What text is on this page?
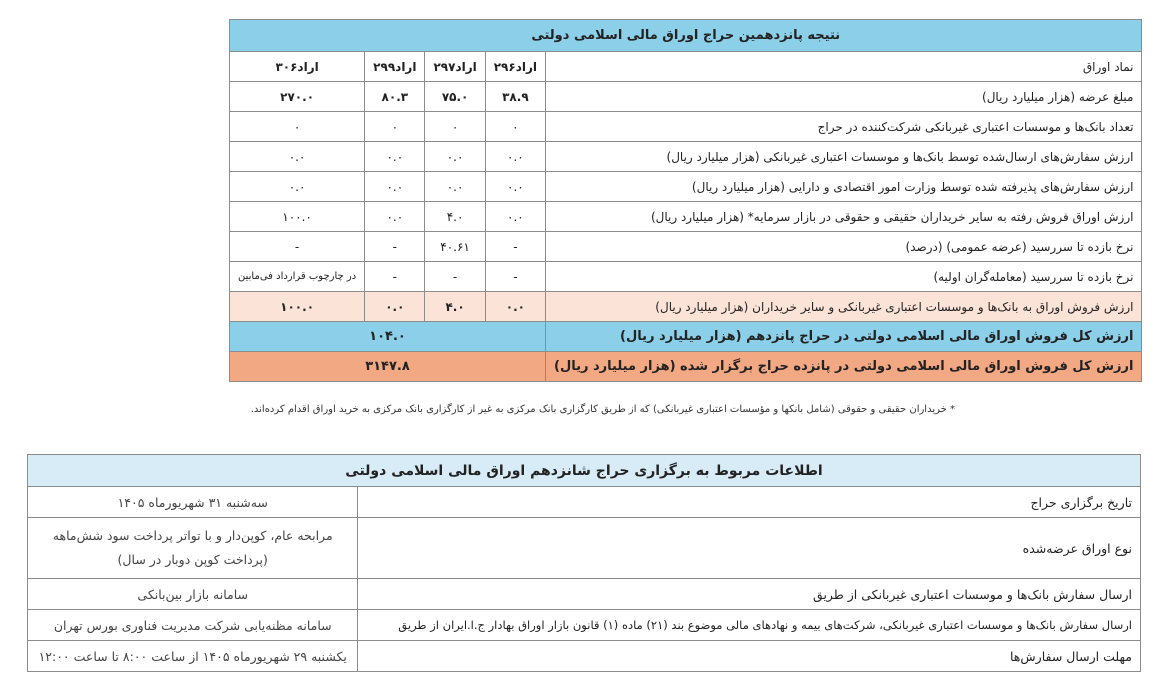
نتیجه پانزدهمین حراج اوراق مالی اسلامی دولتی				
نماد اوراق	اراد۲۹۶	اراد۲۹۷	اراد۲۹۹	اراد۳۰۶
مبلغ عرضه (هزار میلیارد ریال)	۳۸.۹	۷۵.۰	۸۰.۳	۲۷۰.۰
تعداد بانک‌ها و موسسات اعتباری غیربانکی شرکت‌کننده در حراج	۰	۰	۰	۰
ارزش سفارش‌های ارسال‌شده توسط بانک‌ها و موسسات اعتباری غیربانکی (هزار میلیارد ریال)	۰.۰	۰.۰	۰.۰	۰.۰
ارزش سفارش‌های پذیرفته شده توسط وزارت امور اقتصادی و دارایی (هزار میلیارد ریال)	۰.۰	۰.۰	۰.۰	۰.۰
ارزش اوراق فروش رفته به سایر خریداران حقیقی و حقوقی در بازار سرمایه* (هزار میلیارد ریال)	۰.۰	۴.۰	۰.۰	۱۰۰.۰
نرخ بازده تا سررسید (عرضه عمومی) (درصد)	-	۴۰.۶۱	-	-
نرخ بازده تا سررسید (معامله‌گران اولیه)	-	-	-	در چارچوب قرارداد فی‌مابین
ارزش فروش اوراق به بانک‌ها و موسسات اعتباری غیربانکی و سایر خریداران (هزار میلیارد ریال)	۰.۰	۴.۰	۰.۰	۱۰۰.۰
ارزش کل فروش اوراق مالی اسلامی دولتی در حراج پانزدهم (هزار میلیارد ریال)	۱۰۴.۰			
ارزش کل فروش اوراق مالی اسلامی دولتی در پانزده حراج برگزار شده (هزار میلیارد ریال)	۳۱۴۷.۸			
* خریداران حقیقی و حقوقی (شامل بانکها و مؤسسات اعتباری غیربانکی) که از طریق کارگزاری بانک مرکزی به غیر از کارگزاری بانک مرکزی به خرید اوراق اقدام کرده‌اند.
اطلاعات مربوط به برگزاری حراج شانزدهم اوراق مالی اسلامی دولتی	
تاریخ برگزاری حراج	سه‌شنبه ۳۱ شهریورماه ۱۴۰۵
نوع اوراق عرضه‌شده	مرابحه عام، کوپن‌دار و با تواتر پرداخت سود شش‌ماهه (پرداخت کوپن دوبار در سال)
ارسال سفارش بانک‌ها و موسسات اعتباری غیربانکی از طریق	سامانه بازار بین‌بانکی
ارسال سفارش بانک‌ها و موسسات اعتباری غیربانکی، شرکت‌های بیمه و نهادهای مالی موضوع بند (۲۱) ماده (۱) قانون بازار اوراق بهادار ج.ا.ایران از طریق	سامانه مظنه‌یابی شرکت مدیریت فناوری بورس تهران
مهلت ارسال سفارش‌ها	یکشنبه ۲۹ شهریورماه ۱۴۰۵ از ساعت ۸:۰۰ تا ساعت ۱۲:۰۰
